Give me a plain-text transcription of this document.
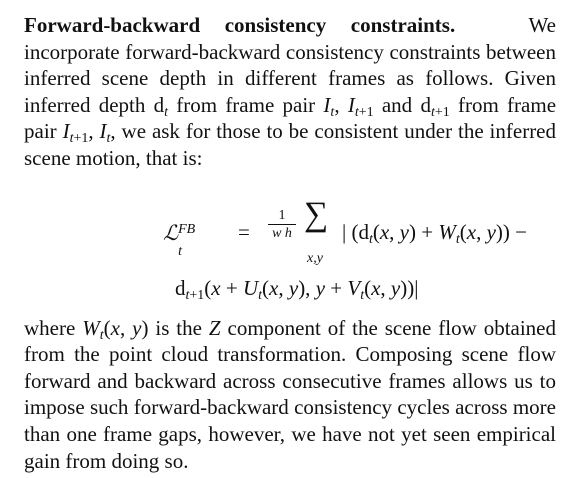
Forward-backward consistency constraints.	We incorporate forward-backward consistency constraints between inferred scene depth in different frames as follows. Given inferred depth $d_t$ from frame pair $I_t$, $I_{t+1}$ and $d_{t+1}$ from frame pair $I_{t+1}$, $I_t$, we ask for those to be consistent under the inferred scene motion, that is:

ℒ FB
t
=
1
w h
∑
x,y
| ($d_t(x$, $y) + W_t(x$, y)) −
$d_{t+1}(x + U_t(x$, y), $y + V_t(x$, y))|

where $W_t(x$, y) is the Z component of the scene flow obtained from the point cloud transformation. Composing scene flow forward and backward across consecutive frames allows us to impose such forward-backward consistency cycles across more than one frame gaps, however, we have not yet seen empirical gain from doing so.
